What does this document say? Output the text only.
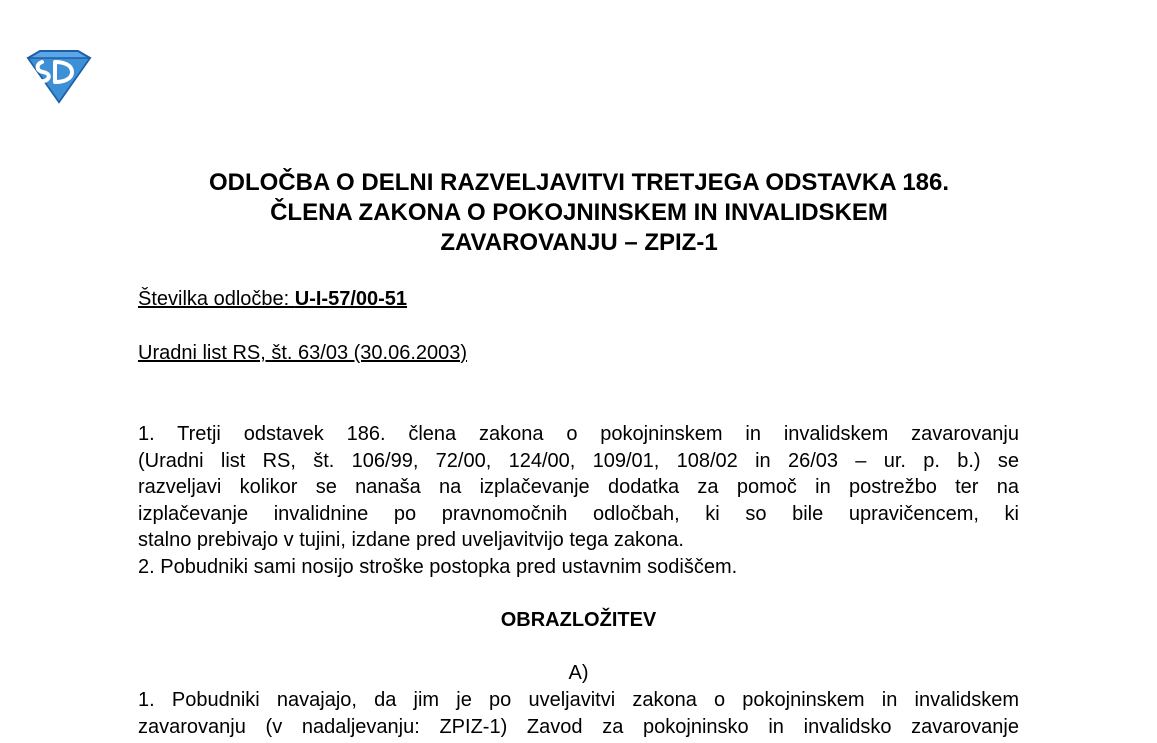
ODLOČBA O DELNI RAZVELJAVITVI TRETJEGA ODSTAVKA 186.
ČLENA ZAKONA O POKOJNINSKEM IN INVALIDSKEM
ZAVAROVANJU – ZPIZ-1
Številka odločbe: U-I-57/00-51
Uradni list RS, št. 63/03 (30.06.2003)
1. Tretji odstavek 186. člena zakona o pokojninskem in invalidskem zavarovanju
(Uradni list RS, št. 106/99, 72/00, 124/00, 109/01, 108/02 in 26/03 – ur. p. b.) se
razveljavi kolikor se nanaša na izplačevanje dodatka za pomoč in postrežbo ter na
izplačevanje invalidnine po pravnomočnih odločbah, ki so bile upravičencem, ki
stalno prebivajo v tujini, izdane pred uveljavitvijo tega zakona.
2. Pobudniki sami nosijo stroške postopka pred ustavnim sodiščem.
OBRAZLOŽITEV
A)
1. Pobudniki navajajo, da jim je po uveljavitvi zakona o pokojninskem in invalidskem
zavarovanju (v nadaljevanju: ZPIZ-1) Zavod za pokojninsko in invalidsko zavarovanje
